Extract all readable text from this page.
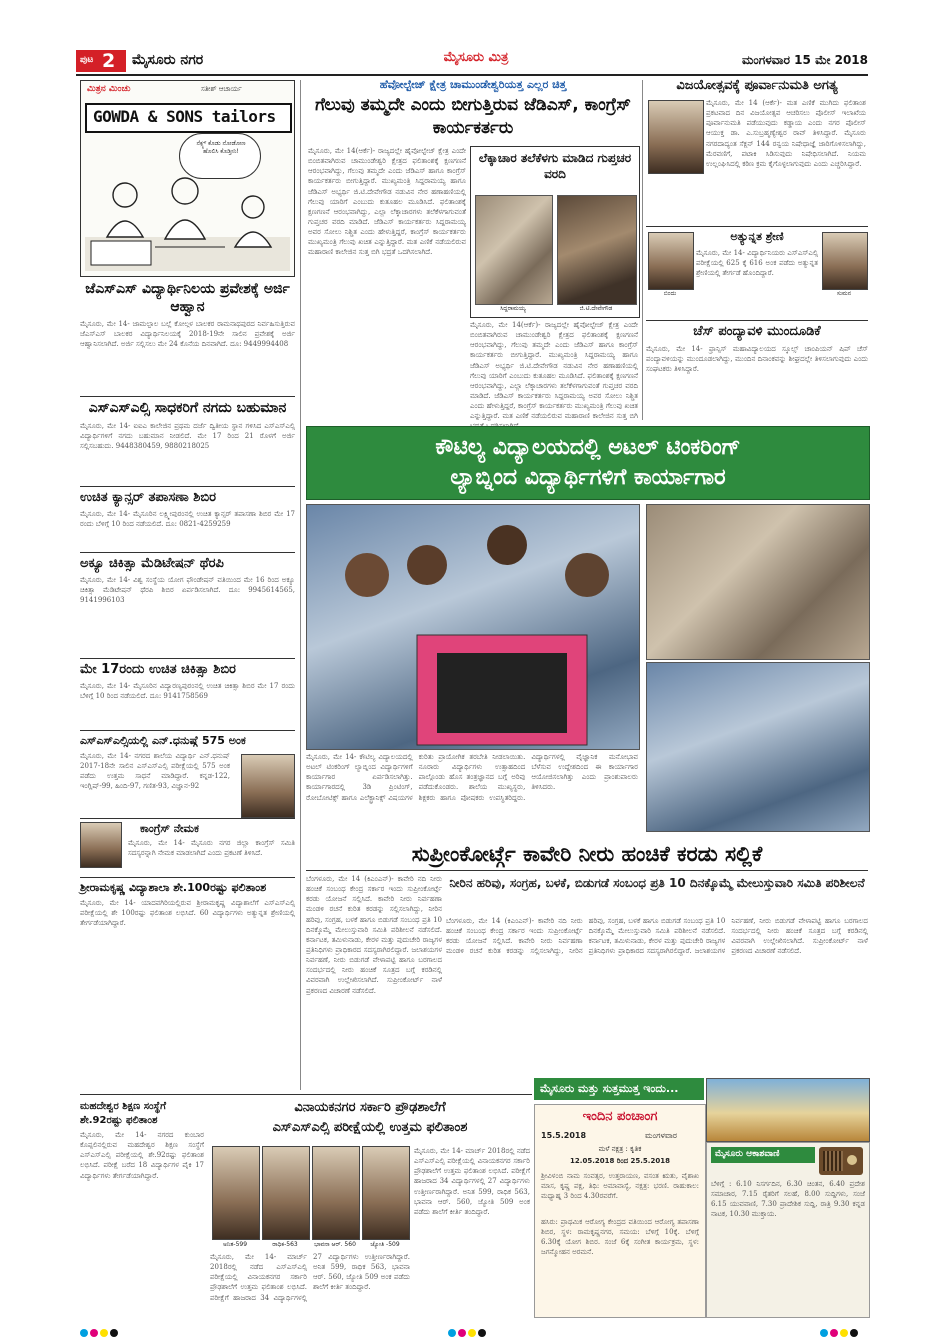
ಪುಟ 2 ಮೈಸೂರು ನಗರ	ಮೈಸೂರು ಮಿತ್ರ	ಮಂಗಳವಾರ 15 ಮೇ 2018
ಮಿತ್ರನ ಮಿಂಚು	ಸತೀಶ್ ಆಚಾರ್ಯ
GOWDA & SONS tailors
ನೆಕ್ಸ್ಟ್ ಕೊಡು ನೋಡೋಣ ಹೊಲಿಸಿ ಕೊಡ್ತೀನಿ!
ಜೆಎಸ್ಎಸ್ ವಿದ್ಯಾರ್ಥಿನಿಲಯ ಪ್ರವೇಶಕ್ಕೆ ಅರ್ಜಿ ಆಹ್ವಾನ
ಮೈಸೂರು, ಮೇ 14- ಜಾಮಲ್ಪಾಲ ಬಲ್ಲೆ ಕೋಲ್ಗಳ ಬಾಲಕರ ರಾಮನಾಥಪುರದ ನಿರ್ವಹಿಸುತ್ತಿರುವ ಜೆಎಸ್ಎಸ್ ಬಾಲಕರ ವಿದ್ಯಾರ್ಥಿನಿಲಯಕ್ಕೆ 2018-19ನೇ ಸಾಲಿನ ಪ್ರವೇಶಕ್ಕೆ ಅರ್ಜಿ ಆಹ್ವಾನಿಸಲಾಗಿದೆ. ಅರ್ಜಿ ಸಲ್ಲಿಸಲು ಮೇ 24 ಕೊನೆಯ ದಿನವಾಗಿದೆ. ದೂ: 9449994408
ಎಸ್ಎಸ್ಎಲ್ಸಿ ಸಾಧಕರಿಗೆ ನಗದು ಬಹುಮಾನ
ಮೈಸೂರು, ಮೇ 14- ಐಐಎ ಕಾಲೇಜಿನ ಪ್ರಥಮ ದರ್ಜೆ ದ್ವಿತೀಯ ಸ್ಥಾನ ಗಳಿಸಿದ ಎಸ್ಎಸ್ಎಲ್ಸಿ ವಿದ್ಯಾರ್ಥಿಗಳಿಗೆ ನಗದು ಬಹುಮಾನ ನೀಡಲಿದೆ. ಮೇ 17 ರಿಂದ 21 ರೊಳಗೆ ಅರ್ಜಿ ಸಲ್ಲಿಸಬಹುದು. 9448380459, 9880218025
ಉಚಿತ ಕ್ಯಾನ್ಸರ್ ತಪಾಸಣಾ ಶಿಬಿರ
ಮೈಸೂರು, ಮೇ 14- ಮೈಸೂರಿನ ಲಕ್ಷ್ಮೀಪುರಂನಲ್ಲಿ ಉಚಿತ ಕ್ಯಾನ್ಸರ್ ತಪಾಸಣಾ ಶಿಬಿರ ಮೇ 17 ರಂದು ಬೆಳಿಗ್ಗೆ 10 ರಿಂದ ನಡೆಯಲಿದೆ. ದೂ: 0821-4259259
ಅಕ್ಯೂ ಚಿಕಿತ್ಸಾ ಮೆಡಿಟೇಷನ್ ಥೆರಪಿ
ಮೈಸೂರು, ಮೇ 14- ವಿಶ್ವ ಸಂಸ್ಥೆಯ ಯೋಗ ಫೌಂಡೇಷನ್ ವತಿಯಿಂದ ಮೇ 16 ರಿಂದ ಅಕ್ಯೂ ಚಿಕಿತ್ಸಾ ಮೆಡಿಟೇಷನ್ ಥೆರಪಿ ಶಿಬಿರ ಏರ್ಪಡಿಸಲಾಗಿದೆ. ದೂ: 9945614565, 9141996103
ಮೇ 17ರಂದು ಉಚಿತ ಚಿಕಿತ್ಸಾ ಶಿಬಿರ
ಮೈಸೂರು, ಮೇ 14- ಮೈಸೂರಿನ ವಿದ್ಯಾರಣ್ಯಪುರಂನಲ್ಲಿ ಉಚಿತ ಚಿಕಿತ್ಸಾ ಶಿಬಿರ ಮೇ 17 ರಂದು ಬೆಳಿಗ್ಗೆ 10 ರಿಂದ ನಡೆಯಲಿದೆ. ದೂ: 9141758569
ಎಸ್ಎಸ್ಎಲ್ಸಿಯಲ್ಲಿ ಎನ್.ಧನುಷ್ಗೆ 575 ಅಂಕ
ಮೈಸೂರು, ಮೇ 14- ನಗರದ ಶಾಲೆಯ ವಿದ್ಯಾರ್ಥಿ ಎನ್.ಧನುಷ್ 2017-18ನೇ ಸಾಲಿನ ಎಸ್ಎಸ್ಎಲ್ಸಿ ಪರೀಕ್ಷೆಯಲ್ಲಿ 575 ಅಂಕ ಪಡೆದು ಉತ್ತಮ ಸಾಧನೆ ಮಾಡಿದ್ದಾರೆ. ಕನ್ನಡ-122, ಇಂಗ್ಲಿಷ್-99, ಹಿಂದಿ-97, ಗಣಿತ-93, ವಿಜ್ಞಾನ-92
ಕಾಂಗ್ರೆಸ್ ನೇಮಕ
ಮೈಸೂರು, ಮೇ 14- ಮೈಸೂರು ನಗರ ಜಿಲ್ಲಾ ಕಾಂಗ್ರೆಸ್ ಸಮಿತಿ ಸದಸ್ಯರನ್ನಾಗಿ ನೇಮಕ ಮಾಡಲಾಗಿದೆ ಎಂದು ಪ್ರಕಟಣೆ ತಿಳಿಸಿದೆ.
ಶ್ರೀರಾಮಕೃಷ್ಣ ವಿದ್ಯಾಶಾಲಾ ಶೇ.100ರಷ್ಟು ಫಲಿತಾಂಶ
ಮೈಸೂರು, ಮೇ 14- ಯಾದವಗಿರಿಯಲ್ಲಿರುವ ಶ್ರೀರಾಮಕೃಷ್ಣ ವಿದ್ಯಾಶಾಲೆಗೆ ಎಸ್ಎಸ್ಎಲ್ಸಿ ಪರೀಕ್ಷೆಯಲ್ಲಿ ಶೇ 100ರಷ್ಟು ಫಲಿತಾಂಶ ಲಭಿಸಿದೆ. 60 ವಿದ್ಯಾರ್ಥಿಗಳು ಅತ್ಯುನ್ನತ ಶ್ರೇಣಿಯಲ್ಲಿ ತೇರ್ಗಡೆಯಾಗಿದ್ದಾರೆ.
ಹೆವೋಲ್ಟೇಜ್ ಕ್ಷೇತ್ರ ಚಾಮುಂಡೇಶ್ವರಿಯತ್ತ ಎಲ್ಲರ ಚಿತ್ತ
ಗೆಲುವು ತಮ್ಮದೇ ಎಂದು ಬೀಗುತ್ತಿರುವ ಜೆಡಿಎಸ್, ಕಾಂಗ್ರೆಸ್ ಕಾರ್ಯಕರ್ತರು
ಮೈಸೂರು, ಮೇ 14(ಆರ್ಕೆ)- ರಾಜ್ಯದಲ್ಲೇ ಹೈವೋಲ್ಟೇಜ್ ಕ್ಷೇತ್ರ ಎಂದೇ ಬಿಂಬಿತವಾಗಿರುವ ಚಾಮುಂಡೇಶ್ವರಿ ಕ್ಷೇತ್ರದ ಫಲಿತಾಂಶಕ್ಕೆ ಕ್ಷಣಗಣನೆ ಆರಂಭವಾಗಿದ್ದು, ಗೆಲುವು ತಮ್ಮದೇ ಎಂದು ಜೆಡಿಎಸ್ ಹಾಗೂ ಕಾಂಗ್ರೆಸ್ ಕಾರ್ಯಕರ್ತರು ಬೀಗುತ್ತಿದ್ದಾರೆ. ಮುಖ್ಯಮಂತ್ರಿ ಸಿದ್ದರಾಮಯ್ಯ ಹಾಗೂ ಜೆಡಿಎಸ್ ಅಭ್ಯರ್ಥಿ ಜಿ.ಟಿ.ದೇವೇಗೌಡ ನಡುವಿನ ನೇರ ಹಣಾಹಣಿಯಲ್ಲಿ ಗೆಲುವು ಯಾರಿಗೆ ಎಂಬುದು ಕುತೂಹಲ ಮೂಡಿಸಿದೆ. ಫಲಿತಾಂಶಕ್ಕೆ ಕ್ಷಣಗಣನೆ ಆರಂಭವಾಗಿದ್ದು, ಎಲ್ಲಾ ಲೆಕ್ಕಾಚಾರಗಳು ತಲೆಕೆಳಗಾಗುವಂತೆ ಗುಪ್ತಚರ ವರದಿ ಮಾಡಿದೆ. ಜೆಡಿಎಸ್ ಕಾರ್ಯಕರ್ತರು ಸಿದ್ದರಾಮಯ್ಯ ಅವರ ಸೋಲು ನಿಶ್ಚಿತ ಎಂದು ಹೇಳುತ್ತಿದ್ದರೆ, ಕಾಂಗ್ರೆಸ್ ಕಾರ್ಯಕರ್ತರು ಮುಖ್ಯಮಂತ್ರಿ ಗೆಲುವು ಖಚಿತ ಎನ್ನುತ್ತಿದ್ದಾರೆ. ಮತ ಎಣಿಕೆ ನಡೆಯಲಿರುವ ಮಹಾರಾಣಿ ಕಾಲೇಜಿನ ಸುತ್ತ ಬಿಗಿ ಭದ್ರತೆ ಒದಗಿಸಲಾಗಿದೆ.
ಲೆಕ್ಕಾಚಾರ ತಲೆಕೆಳಗು ಮಾಡಿದ ಗುಪ್ತಚರ ವರದಿ
ಸಿದ್ದರಾಮಯ್ಯ	ಜಿ.ಟಿ.ದೇವೇಗೌಡ
ಮೈಸೂರು, ಮೇ 14(ಆರ್ಕೆ)- ರಾಜ್ಯದಲ್ಲೇ ಹೈವೋಲ್ಟೇಜ್ ಕ್ಷೇತ್ರ ಎಂದೇ ಬಿಂಬಿತವಾಗಿರುವ ಚಾಮುಂಡೇಶ್ವರಿ ಕ್ಷೇತ್ರದ ಫಲಿತಾಂಶಕ್ಕೆ ಕ್ಷಣಗಣನೆ ಆರಂಭವಾಗಿದ್ದು, ಗೆಲುವು ತಮ್ಮದೇ ಎಂದು ಜೆಡಿಎಸ್ ಹಾಗೂ ಕಾಂಗ್ರೆಸ್ ಕಾರ್ಯಕರ್ತರು ಬೀಗುತ್ತಿದ್ದಾರೆ. ಮುಖ್ಯಮಂತ್ರಿ ಸಿದ್ದರಾಮಯ್ಯ ಹಾಗೂ ಜೆಡಿಎಸ್ ಅಭ್ಯರ್ಥಿ ಜಿ.ಟಿ.ದೇವೇಗೌಡ ನಡುವಿನ ನೇರ ಹಣಾಹಣಿಯಲ್ಲಿ ಗೆಲುವು ಯಾರಿಗೆ ಎಂಬುದು ಕುತೂಹಲ ಮೂಡಿಸಿದೆ. ಫಲಿತಾಂಶಕ್ಕೆ ಕ್ಷಣಗಣನೆ ಆರಂಭವಾಗಿದ್ದು, ಎಲ್ಲಾ ಲೆಕ್ಕಾಚಾರಗಳು ತಲೆಕೆಳಗಾಗುವಂತೆ ಗುಪ್ತಚರ ವರದಿ ಮಾಡಿದೆ. ಜೆಡಿಎಸ್ ಕಾರ್ಯಕರ್ತರು ಸಿದ್ದರಾಮಯ್ಯ ಅವರ ಸೋಲು ನಿಶ್ಚಿತ ಎಂದು ಹೇಳುತ್ತಿದ್ದರೆ, ಕಾಂಗ್ರೆಸ್ ಕಾರ್ಯಕರ್ತರು ಮುಖ್ಯಮಂತ್ರಿ ಗೆಲುವು ಖಚಿತ ಎನ್ನುತ್ತಿದ್ದಾರೆ. ಮತ ಎಣಿಕೆ ನಡೆಯಲಿರುವ ಮಹಾರಾಣಿ ಕಾಲೇಜಿನ ಸುತ್ತ ಬಿಗಿ
ವಿಜಯೋತ್ಸವಕ್ಕೆ ಪೂರ್ವಾನುಮತಿ ಅಗತ್ಯ
ಮೈಸೂರು, ಮೇ 14 (ಆರ್ಕೆ)- ಮತ ಎಣಿಕೆ ಮುಗಿದು ಫಲಿತಾಂಶ ಪ್ರಕಟವಾದ ದಿನ ವಿಜಯೋತ್ಸವ ಆಚರಿಸಲು ಪೊಲೀಸ್ ಇಲಾಖೆಯ ಪೂರ್ವಾನುಮತಿ ಪಡೆಯುವುದು ಕಡ್ಡಾಯ ಎಂದು ನಗರ ಪೊಲೀಸ್ ಆಯುಕ್ತ ಡಾ. ಎ.ಸುಬ್ರಹ್ಮಣ್ಯೇಶ್ವರ ರಾವ್ ತಿಳಿಸಿದ್ದಾರೆ. ಮೈಸೂರು ನಗರದಾದ್ಯಂತ ಸೆಕ್ಷನ್ 144 ರನ್ವಯ ನಿಷೇಧಾಜ್ಞೆ ಜಾರಿಗೊಳಿಸಲಾಗಿದ್ದು, ಮೆರವಣಿಗೆ, ಪಟಾಕಿ ಸಿಡಿಸುವುದು ನಿಷೇಧಿಸಲಾಗಿದೆ. ನಿಯಮ ಉಲ್ಲಂಘಿಸಿದಲ್ಲಿ ಕಠಿಣ ಕ್ರಮ ಕೈಗೊಳ್ಳಲಾಗುವುದು ಎಂದು ಎಚ್ಚರಿಸಿದ್ದಾರೆ.
ಅತ್ಯುನ್ನತ ಶ್ರೇಣಿ
ಮೈಸೂರು, ಮೇ 14- ವಿದ್ಯಾರ್ಥಿನಿಯರು ಎಸ್ಎಸ್ಎಲ್ಸಿ ಪರೀಕ್ಷೆಯಲ್ಲಿ 625 ಕ್ಕೆ 616 ಅಂಕ ಪಡೆದು ಅತ್ಯುನ್ನತ ಶ್ರೇಣಿಯಲ್ಲಿ ತೇರ್ಗಡೆ ಹೊಂದಿದ್ದಾರೆ.
ಬಿಂದು	ಸುಮನ
ಚೆಸ್ ಪಂದ್ಯಾವಳಿ ಮುಂದೂಡಿಕೆ
ಮೈಸೂರು, ಮೇ 14- ಫ್ರಾನ್ಸಿಸ್ ಮಹಾವಿದ್ಯಾಲಯದ ಸ್ಕೂಲ್ಸ್ ಚಾಂಪಿಯನ್ ಷಿಪ್ ಚೆಸ್ ಪಂದ್ಯಾವಳಿಯನ್ನು ಮುಂದೂಡಲಾಗಿದ್ದು, ಮುಂದಿನ ದಿನಾಂಕವನ್ನು ಶೀಘ್ರದಲ್ಲೇ ತಿಳಿಸಲಾಗುವುದು ಎಂದು ಸಂಘಟಕರು ತಿಳಿಸಿದ್ದಾರೆ.
ಕೌಟಿಲ್ಯ ವಿದ್ಯಾಲಯದಲ್ಲಿ ಅಟಲ್ ಟಿಂಕರಿಂಗ್
ಲ್ಯಾಬ್ನಿಂದ ವಿದ್ಯಾರ್ಥಿಗಳಿಗೆ ಕಾರ್ಯಾಗಾರ
ಮೈಸೂರು, ಮೇ 14- ಕೌಟಿಲ್ಯ ವಿದ್ಯಾಲಯದಲ್ಲಿ ಅಟಲ್ ಟಿಂಕರಿಂಗ್ ಲ್ಯಾಬ್ನಿಂದ ವಿದ್ಯಾರ್ಥಿಗಳಿಗೆ ಕಾರ್ಯಾಗಾರ ಏರ್ಪಡಿಸಲಾಗಿತ್ತು. ಕಾರ್ಯಾಗಾರದಲ್ಲಿ 3ಡಿ ಪ್ರಿಂಟಿಂಗ್, ರೋಬೋಟಿಕ್ಸ್ ಹಾಗೂ ಎಲೆಕ್ಟ್ರಾನಿಕ್ಸ್ ವಿಷಯಗಳ ಕುರಿತು ಪ್ರಾಯೋಗಿಕ ತರಬೇತಿ ನೀಡಲಾಯಿತು. ನೂರಾರು ವಿದ್ಯಾರ್ಥಿಗಳು ಉತ್ಸಾಹದಿಂದ ಪಾಲ್ಗೊಂಡು ಹೊಸ ತಂತ್ರಜ್ಞಾನದ ಬಗ್ಗೆ ಅರಿವು ಪಡೆದುಕೊಂಡರು. ಶಾಲೆಯ ಮುಖ್ಯಸ್ಥರು, ಶಿಕ್ಷಕರು ಹಾಗೂ ಪೋಷಕರು ಉಪಸ್ಥಿತರಿದ್ದರು. ವಿದ್ಯಾರ್ಥಿಗಳಲ್ಲಿ ವೈಜ್ಞಾನಿಕ ಮನೋಭಾವ ಬೆಳೆಸುವ ಉದ್ದೇಶದಿಂದ ಈ ಕಾರ್ಯಾಗಾರ ಆಯೋಜಿಸಲಾಗಿತ್ತು ಎಂದು ಪ್ರಾಂಶುಪಾಲರು ತಿಳಿಸಿದರು.
ಸುಪ್ರೀಂಕೋರ್ಟ್ಗೆ ಕಾವೇರಿ ನೀರು ಹಂಚಿಕೆ ಕರಡು ಸಲ್ಲಿಕೆ
ಬೆಂಗಳೂರು, ಮೇ 14 (ಕಿಎಂಎನ್)- ಕಾವೇರಿ ನದಿ ನೀರು ಹಂಚಿಕೆ ಸಂಬಂಧ ಕೇಂದ್ರ ಸರ್ಕಾರ ಇಂದು ಸುಪ್ರೀಂಕೋರ್ಟ್ಗೆ ಕರಡು ಯೋಜನೆ ಸಲ್ಲಿಸಿದೆ. ಕಾವೇರಿ ನೀರು ನಿರ್ವಹಣಾ ಮಂಡಳಿ ರಚನೆ ಕುರಿತ ಕರಡನ್ನು ಸಲ್ಲಿಸಲಾಗಿದ್ದು, ನೀರಿನ ಹರಿವು, ಸಂಗ್ರಹ, ಬಳಕೆ ಹಾಗೂ ಬಿಡುಗಡೆ ಸಂಬಂಧ ಪ್ರತಿ 10 ದಿನಕ್ಕೊಮ್ಮೆ ಮೇಲುಸ್ತುವಾರಿ ಸಮಿತಿ ಪರಿಶೀಲನೆ ನಡೆಸಲಿದೆ. ಕರ್ನಾಟಕ, ತಮಿಳುನಾಡು, ಕೇರಳ ಮತ್ತು ಪುದುಚೇರಿ ರಾಜ್ಯಗಳ ಪ್ರತಿನಿಧಿಗಳು ಪ್ರಾಧಿಕಾರದ ಸದಸ್ಯರಾಗಿರಲಿದ್ದಾರೆ. ಜಲಾಶಯಗಳ ನಿರ್ವಹಣೆ, ನೀರು ಬಿಡುಗಡೆ ವೇಳಾಪಟ್ಟಿ ಹಾಗೂ ಬರಗಾಲದ ಸಂದರ್ಭದಲ್ಲಿ ನೀರು ಹಂಚಿಕೆ ಸೂತ್ರದ ಬಗ್ಗೆ ಕರಡಿನಲ್ಲಿ ವಿವರವಾಗಿ ಉಲ್ಲೇಖಿಸಲಾಗಿದೆ. ಸುಪ್ರೀಂಕೋರ್ಟ್ ನಾಳೆ ಪ್ರಕರಣದ ವಿಚಾರಣೆ ನಡೆಸಲಿದೆ.
ನೀರಿನ ಹರಿವು, ಸಂಗ್ರಹ, ಬಳಕೆ, ಬಿಡುಗಡೆ ಸಂಬಂಧ ಪ್ರತಿ 10 ದಿನಕ್ಕೊಮ್ಮೆ ಮೇಲುಸ್ತುವಾರಿ ಸಮಿತಿ ಪರಿಶೀಲನೆ
ಬೆಂಗಳೂರು, ಮೇ 14 (ಕಿಎಂಎನ್)- ಕಾವೇರಿ ನದಿ ನೀರು ಹಂಚಿಕೆ ಸಂಬಂಧ ಕೇಂದ್ರ ಸರ್ಕಾರ ಇಂದು ಸುಪ್ರೀಂಕೋರ್ಟ್ಗೆ ಕರಡು ಯೋಜನೆ ಸಲ್ಲಿಸಿದೆ. ಕಾವೇರಿ ನೀರು ನಿರ್ವಹಣಾ ಮಂಡಳಿ ರಚನೆ ಕುರಿತ ಕರಡನ್ನು ಸಲ್ಲಿಸಲಾಗಿದ್ದು, ನೀರಿನ ಹರಿವು, ಸಂಗ್ರಹ, ಬಳಕೆ ಹಾಗೂ ಬಿಡುಗಡೆ ಸಂಬಂಧ ಪ್ರತಿ 10 ದಿನಕ್ಕೊಮ್ಮೆ ಮೇಲುಸ್ತುವಾರಿ ಸಮಿತಿ ಪರಿಶೀಲನೆ ನಡೆಸಲಿದೆ. ಕರ್ನಾಟಕ, ತಮಿಳುನಾಡು, ಕೇರಳ ಮತ್ತು ಪುದುಚೇರಿ ರಾಜ್ಯಗಳ ಪ್ರತಿನಿಧಿಗಳು ಪ್ರಾಧಿಕಾರದ ಸದಸ್ಯರಾಗಿರಲಿದ್ದಾರೆ. ಜಲಾಶಯಗಳ ನಿರ್ವಹಣೆ, ನೀರು ಬಿಡುಗಡೆ ವೇಳಾಪಟ್ಟಿ ಹಾಗೂ ಬರಗಾಲದ ಸಂದರ್ಭದಲ್ಲಿ ನೀರು ಹಂಚಿಕೆ ಸೂತ್ರದ ಬಗ್ಗೆ ಕರಡಿನಲ್ಲಿ ವಿವರವಾಗಿ ಉಲ್ಲೇಖಿಸಲಾಗಿದೆ. ಸುಪ್ರೀಂಕೋರ್ಟ್ ನಾಳೆ ಪ್ರಕರಣದ ವಿಚಾರಣೆ ನಡೆಸಲಿದೆ.
ಮೈಸೂರು ಮತ್ತು ಸುತ್ತಮುತ್ತ ಇಂದು...
ಇಂದಿನ ಪಂಚಾಂಗ
15.5.2018	ಮಂಗಳವಾರ
ಮಳೆ ನಕ್ಷತ್ರ : ಕೃತಿಕ
12.05.2018 ರಿಂದ 25.5.2018
ಶ್ರೀವಿಳಂಬಿ ನಾಮ ಸಂವತ್ಸರ, ಉತ್ತರಾಯಣ, ವಸಂತ ಋತು, ವೈಶಾಖ ಮಾಸ, ಕೃಷ್ಣ ಪಕ್ಷ, ತಿಥಿ: ಅಮಾವಾಸ್ಯೆ, ನಕ್ಷತ್ರ: ಭರಣಿ. ರಾಹುಕಾಲ: ಮಧ್ಯಾಹ್ನ 3 ರಿಂದ 4.30ರವರೆಗೆ.
ಹಸಿರು: ಪ್ರಾಥಮಿಕ ಆರೋಗ್ಯ ಕೇಂದ್ರದ ವತಿಯಿಂದ ಆರೋಗ್ಯ ತಪಾಸಣಾ ಶಿಬಿರ, ಸ್ಥಳ: ರಾಮಕೃಷ್ಣನಗರ, ಸಮಯ: ಬೆಳಿಗ್ಗೆ 10ಕ್ಕೆ. ಬೆಳಿಗ್ಗೆ 6.30ಕ್ಕೆ ಯೋಗ ಶಿಬಿರ. ಸಂಜೆ 6ಕ್ಕೆ ಸಂಗೀತ ಕಾರ್ಯಕ್ರಮ, ಸ್ಥಳ: ಜಗನ್ಮೋಹನ ಅರಮನೆ.
ಮೈಸೂರು ಆಕಾಶವಾಣಿ
ಬೆಳಿಗ್ಗೆ : 6.10 ನಿಸರ್ಗದಿನ, 6.30 ಚಿಂತನ, 6.40 ಪ್ರದೇಶ ಸಮಾಚಾರ, 7.15 ರೈತರಿಗೆ ಸಲಹೆ, 8.00 ಸುದ್ದಿಗಳು, ಸಂಜೆ 6.15 ಯುವವಾಣಿ, 7.30 ಪ್ರಾದೇಶಿಕ ಸುದ್ದಿ, ರಾತ್ರಿ 9.30 ಕನ್ನಡ ನಾಟಕ, 10.30 ಮುಕ್ತಾಯ.
ಮಹದೇಶ್ವರ ಶಿಕ್ಷಣ ಸಂಸ್ಥೆಗೆ ಶೇ.92ರಷ್ಟು ಫಲಿತಾಂಶ
ಮೈಸೂರು, ಮೇ 14- ನಗರದ ಕುಂಬಾರ ಕೊಪ್ಪಲಿನಲ್ಲಿರುವ ಮಹದೇಶ್ವರ ಶಿಕ್ಷಣ ಸಂಸ್ಥೆಗೆ ಎಸ್ಎಸ್ಎಲ್ಸಿ ಪರೀಕ್ಷೆಯಲ್ಲಿ ಶೇ.92ರಷ್ಟು ಫಲಿತಾಂಶ ಲಭಿಸಿದೆ. ಪರೀಕ್ಷೆ ಬರೆದ 18 ವಿದ್ಯಾರ್ಥಿಗಳ ಪೈಕಿ 17 ವಿದ್ಯಾರ್ಥಿಗಳು ತೇರ್ಗಡೆಯಾಗಿದ್ದಾರೆ.
ವಿನಾಯಕನಗರ ಸರ್ಕಾರಿ ಪ್ರೌಢಶಾಲೆಗೆ
ಎಸ್ಎಸ್ಎಲ್ಸಿ ಪರೀಕ್ಷೆಯಲ್ಲಿ ಉತ್ತಮ ಫಲಿತಾಂಶ
ಅನಿತ-599	ರಾಧಿಕ-563	ಭಾವನಾ ಆರ್. 560	ಜ್ಯೋತಿ -509
ಮೈಸೂರು, ಮೇ 14- ಮಾರ್ಚ್ 2018ರಲ್ಲಿ ನಡೆದ ಎಸ್ಎಸ್ಎಲ್ಸಿ ಪರೀಕ್ಷೆಯಲ್ಲಿ ವಿನಾಯಕನಗರ ಸರ್ಕಾರಿ ಪ್ರೌಢಶಾಲೆಗೆ ಉತ್ತಮ ಫಲಿತಾಂಶ ಲಭಿಸಿದೆ. ಪರೀಕ್ಷೆಗೆ ಹಾಜರಾದ 34 ವಿದ್ಯಾರ್ಥಿಗಳಲ್ಲಿ 27 ವಿದ್ಯಾರ್ಥಿಗಳು ಉತ್ತೀರ್ಣರಾಗಿದ್ದಾರೆ. ಅನಿತ 599, ರಾಧಿಕ 563, ಭಾವನಾ ಆರ್. 560, ಜ್ಯೋತಿ 509 ಅಂಕ ಪಡೆದು ಶಾಲೆಗೆ ಕೀರ್ತಿ ತಂದಿದ್ದಾರೆ.
ಮೈಸೂರು, ಮೇ 14- ಮಾರ್ಚ್ 2018ರಲ್ಲಿ ನಡೆದ ಎಸ್ಎಸ್ಎಲ್ಸಿ ಪರೀಕ್ಷೆಯಲ್ಲಿ ವಿನಾಯಕನಗರ ಸರ್ಕಾರಿ ಪ್ರೌಢಶಾಲೆಗೆ ಉತ್ತಮ ಫಲಿತಾಂಶ ಲಭಿಸಿದೆ. ಪರೀಕ್ಷೆಗೆ ಹಾಜರಾದ 34 ವಿದ್ಯಾರ್ಥಿಗಳಲ್ಲಿ 27 ವಿದ್ಯಾರ್ಥಿಗಳು ಉತ್ತೀರ್ಣರಾಗಿದ್ದಾರೆ. ಅನಿತ 599, ರಾಧಿಕ 563, ಭಾವನಾ ಆರ್. 560, ಜ್ಯೋತಿ 509 ಅಂಕ ಪಡೆದು ಶಾಲೆಗೆ ಕೀರ್ತಿ ತಂದಿದ್ದಾರೆ.
